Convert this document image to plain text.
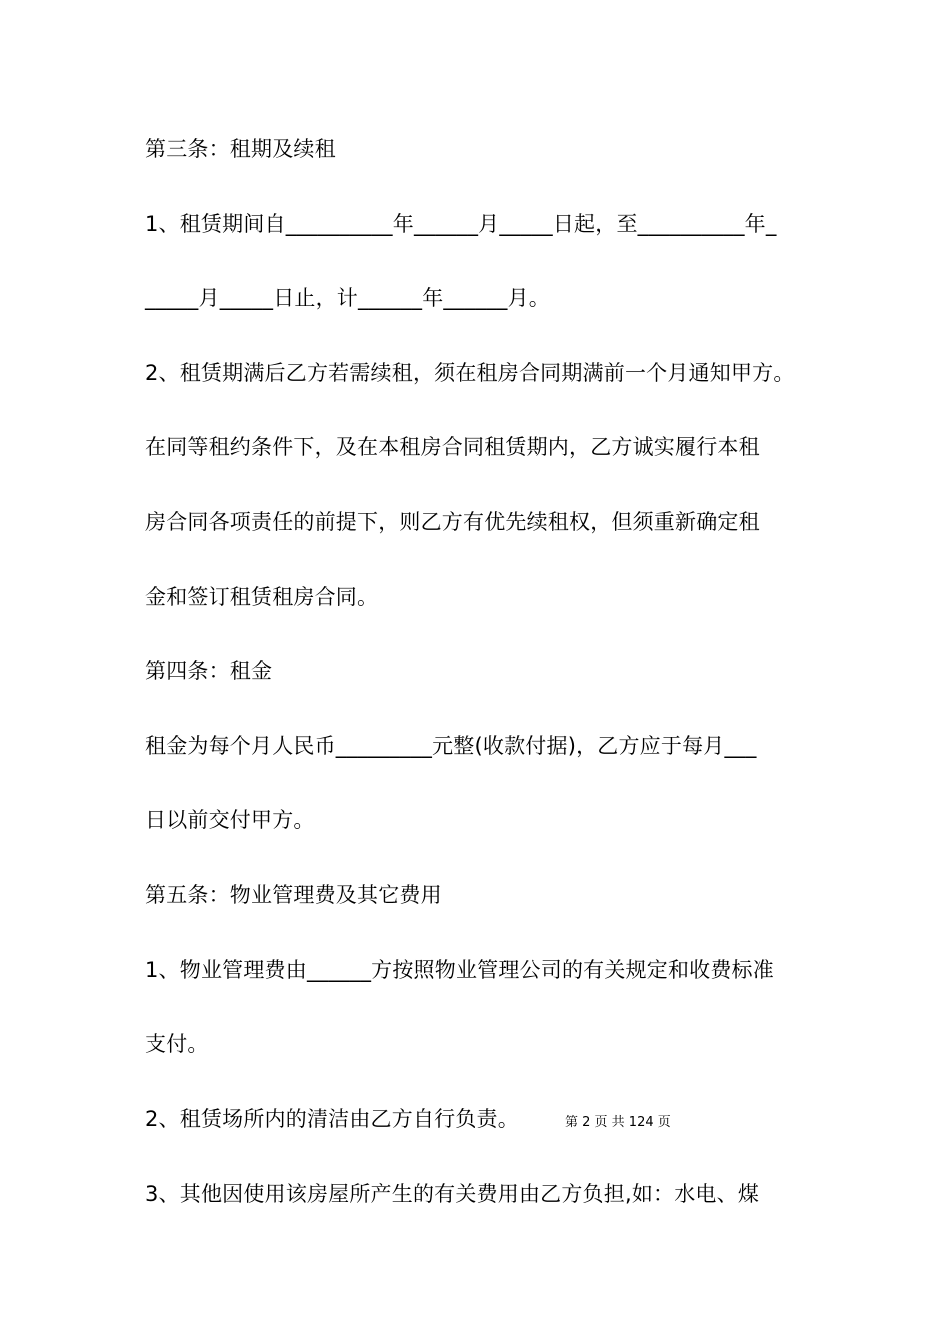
第三条：租期及续租
1、租赁期间自__________年______月_____日起，至__________年_
_____月_____日止，计______年______月。
2、租赁期满后乙方若需续租，须在租房合同期满前一个月通知甲方。
在同等租约条件下，及在本租房合同租赁期内，乙方诚实履行本租
房合同各项责任的前提下，则乙方有优先续租权，但须重新确定租
金和签订租赁租房合同。
第四条：租金
租金为每个月人民币_________元整(收款付据)，乙方应于每月___
日以前交付甲方。
第五条：物业管理费及其它费用
1、物业管理费由______方按照物业管理公司的有关规定和收费标准
支付。
2、租赁场所内的清洁由乙方自行负责。	第 2 页 共 124 页
3、其他因使用该房屋所产生的有关费用由乙方负担,如：水电、煤
